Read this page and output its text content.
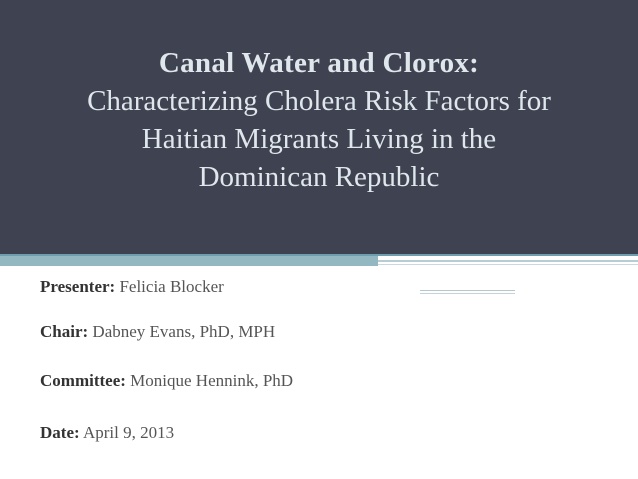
Canal Water and Clorox:
Characterizing Cholera Risk Factors for
Haitian Migrants Living in the
Dominican Republic
Presenter: Felicia Blocker
Chair: Dabney Evans, PhD, MPH
Committee: Monique Hennink, PhD
Date: April 9, 2013
